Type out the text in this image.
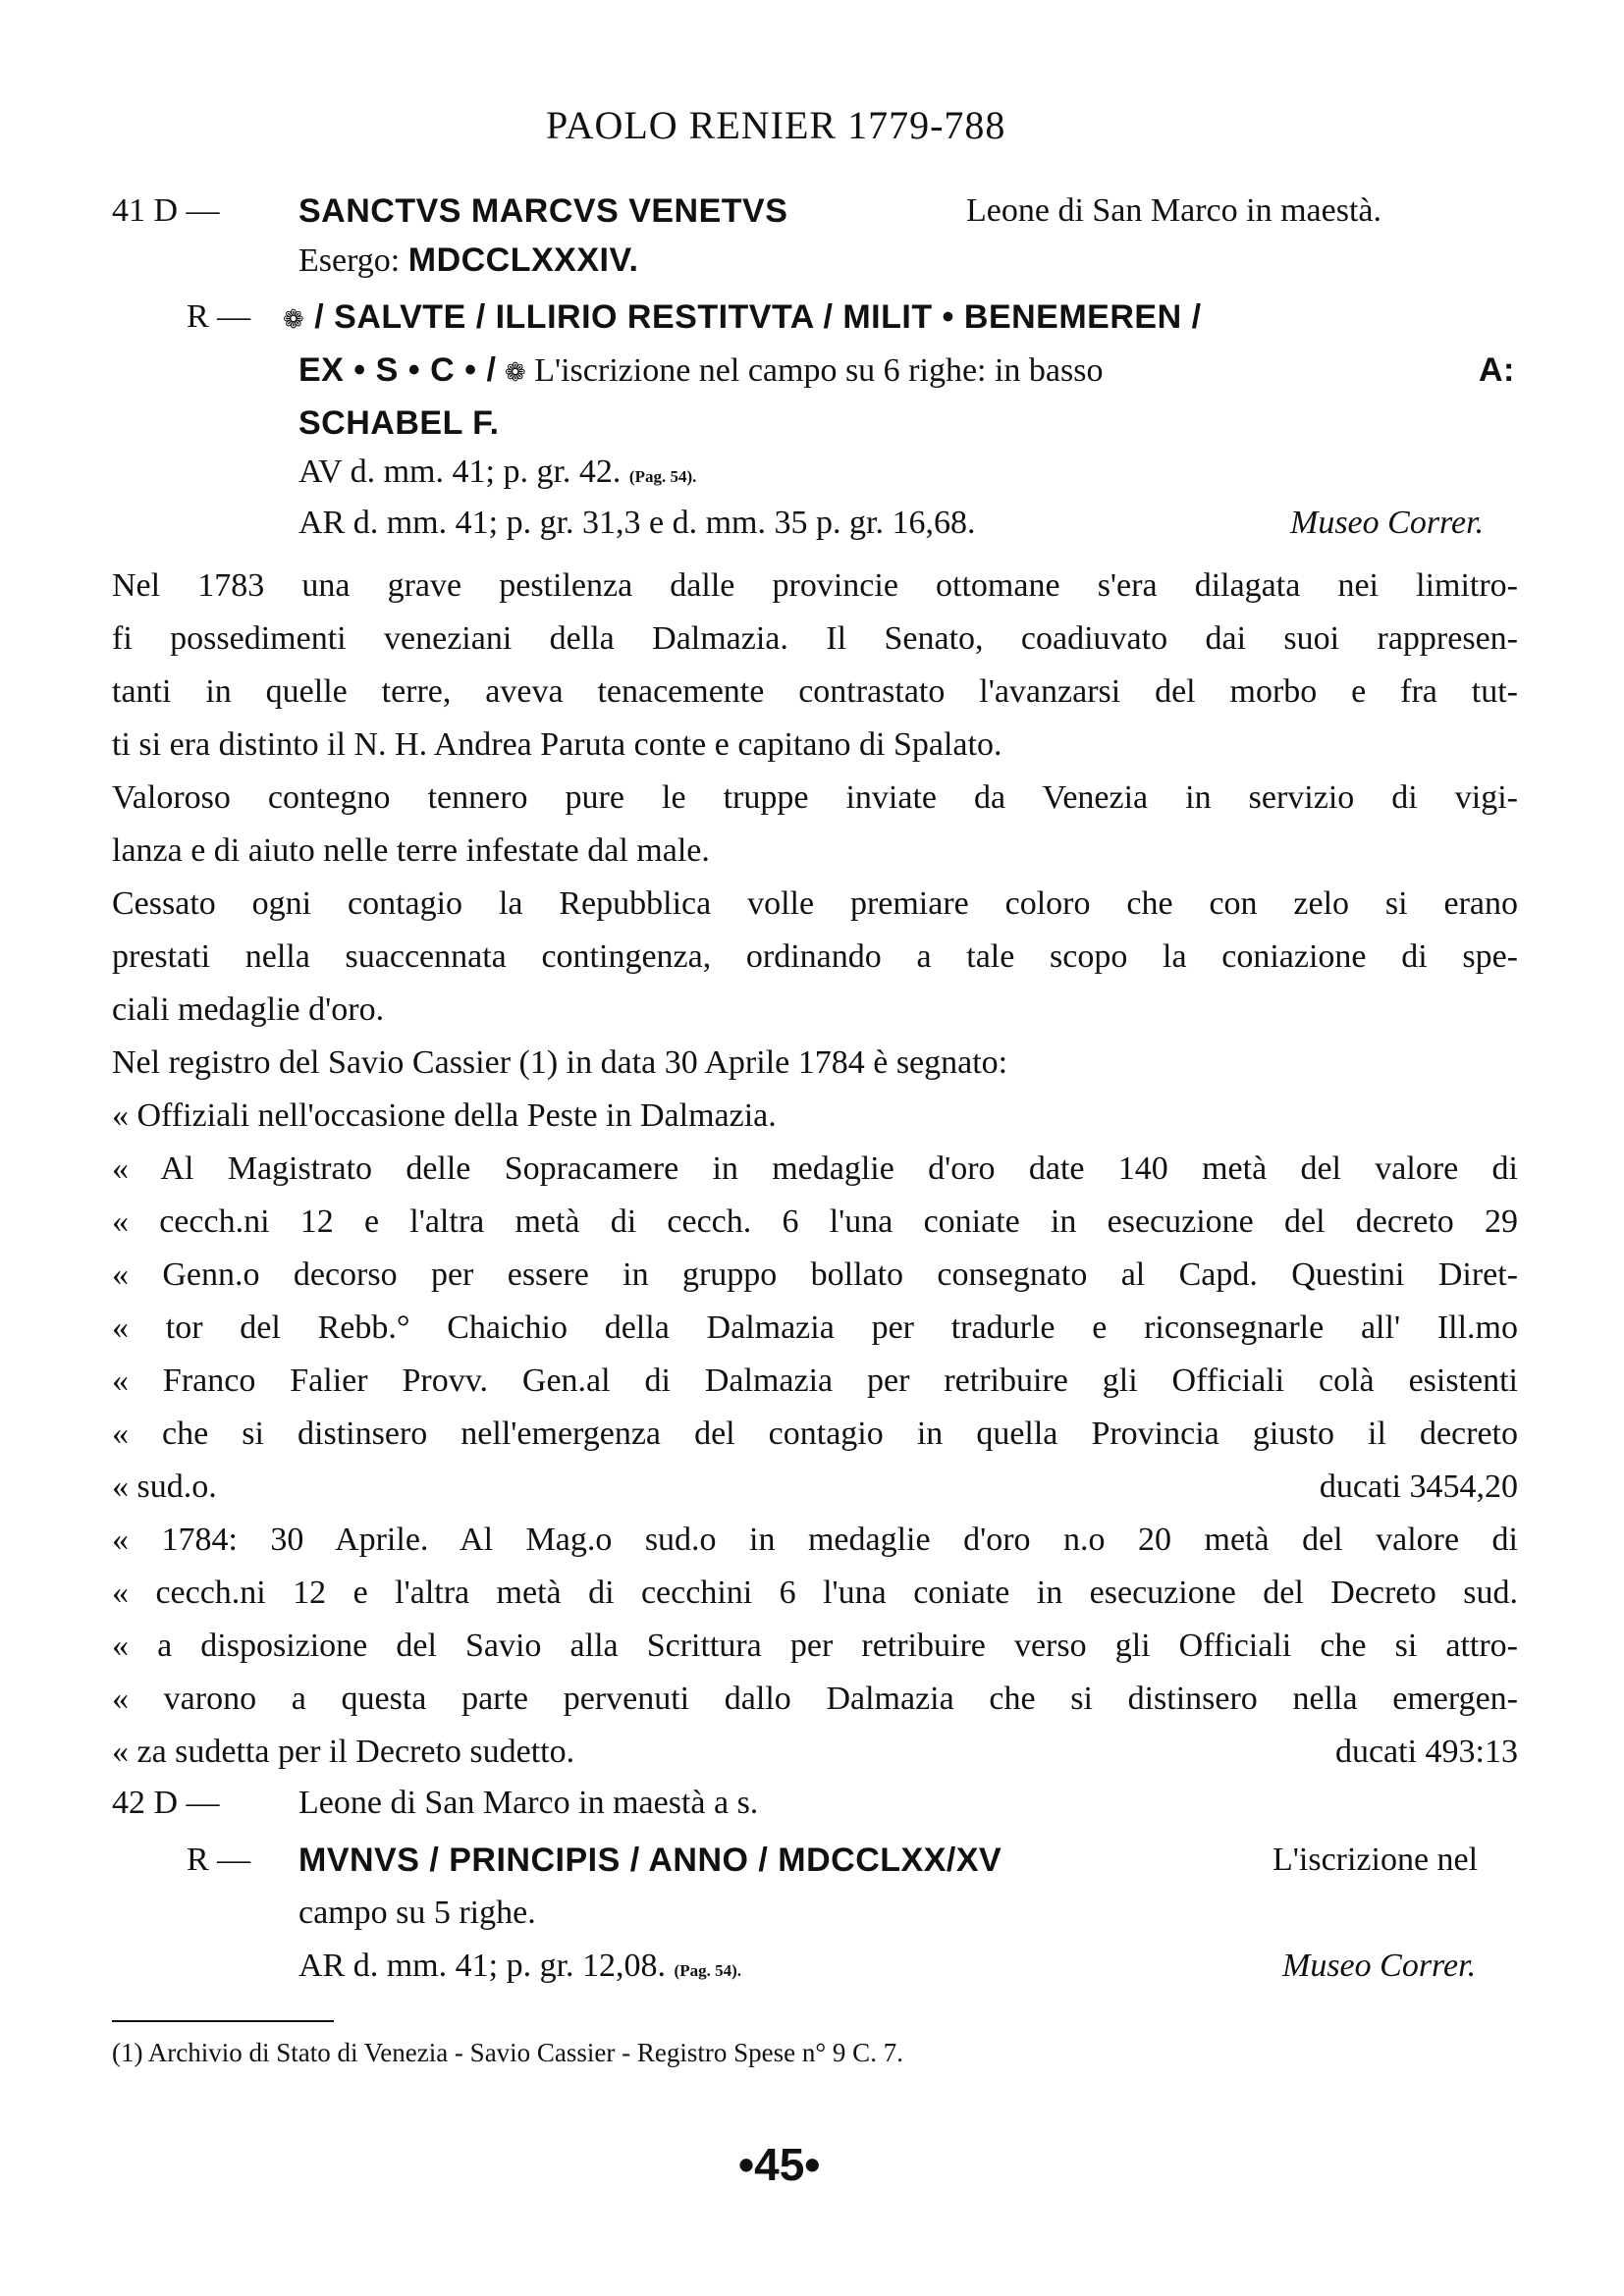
PAOLO RENIER 1779-788
41 D — SANCTVS MARCVS VENETVS	Leone di San Marco in maestà.
Esergo: MDCCLXXXIV.
R — ❁ / SALVTE / ILLIRIO RESTITVTA / MILIT • BENEMEREN /
EX • S • C • / ❁ L'iscrizione nel campo su 6 righe: in basso	A:
SCHABEL F.
AV d. mm. 41; p. gr. 42. (Pag. 54).
AR d. mm. 41; p. gr. 31,3 e d. mm. 35 p. gr. 16,68.	Museo Correr.
Nel 1783 una grave pestilenza dalle provincie ottomane s'era dilagata nei limitro-
fi possedimenti veneziani della Dalmazia. Il Senato, coadiuvato dai suoi rappresen-
tanti in quelle terre, aveva tenacemente contrastato l'avanzarsi del morbo e fra tut-
ti si era distinto il N. H. Andrea Paruta conte e capitano di Spalato.
Valoroso contegno tennero pure le truppe inviate da Venezia in servizio di vigi-
lanza e di aiuto nelle terre infestate dal male.
Cessato ogni contagio la Repubblica volle premiare coloro che con zelo si erano
prestati nella suaccennata contingenza, ordinando a tale scopo la coniazione di spe-
ciali medaglie d'oro.
Nel registro del Savio Cassier (1) in data 30 Aprile 1784 è segnato:
« Offiziali nell'occasione della Peste in Dalmazia.
« Al Magistrato delle Sopracamere in medaglie d'oro date 140 metà del valore di
« cecch.ni 12 e l'altra metà di cecch. 6 l'una coniate in esecuzione del decreto 29
« Genn.o decorso per essere in gruppo bollato consegnato al Capd. Questini Diret-
« tor del Rebb.° Chaichio della Dalmazia per tradurle e riconsegnarle all' Ill.mo
« Franco Falier Provv. Gen.al di Dalmazia per retribuire gli Officiali colà esistenti
« che si distinsero nell'emergenza del contagio in quella Provincia giusto il decreto
« sud.o.	ducati 3454,20
« 1784: 30 Aprile. Al Mag.o sud.o in medaglie d'oro n.o 20 metà del valore di
« cecch.ni 12 e l'altra metà di cecchini 6 l'una coniate in esecuzione del Decreto sud.
« a disposizione del Savio alla Scrittura per retribuire verso gli Officiali che si attro-
« varono a questa parte pervenuti dallo Dalmazia che si distinsero nella emergen-
« za sudetta per il Decreto sudetto.	ducati 493:13
42 D — Leone di San Marco in maestà a s.
R — MVNVS / PRINCIPIS / ANNO / MDCCLXX/XV	L'iscrizione nel
campo su 5 righe.
AR d. mm. 41; p. gr. 12,08. (Pag. 54).	Museo Correr.
(1) Archivio di Stato di Venezia - Savio Cassier - Registro Spese n° 9 C. 7.
•45•
